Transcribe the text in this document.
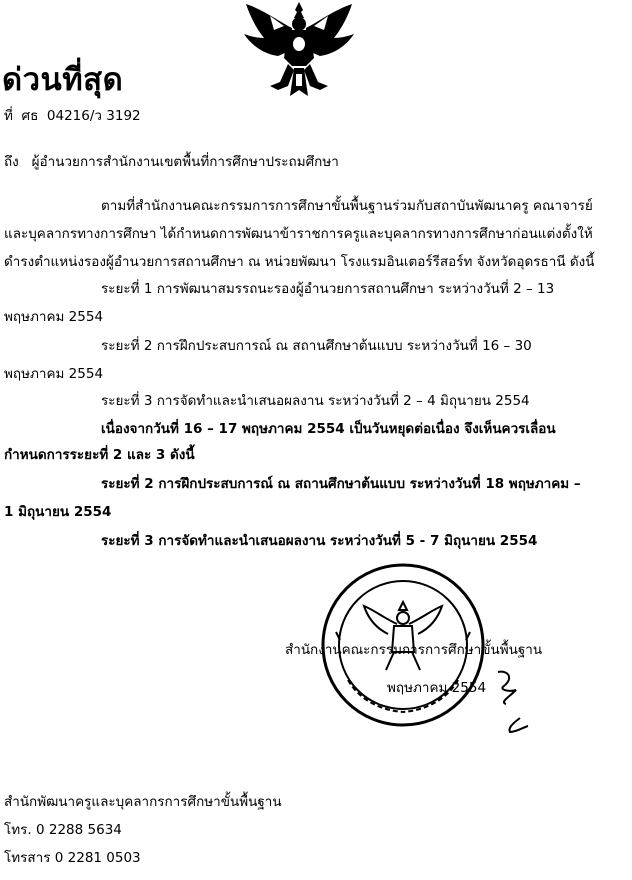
ด่วนที่สุด
ที่ ศธ 04216/ว 3192
ถึง ผู้อำนวยการสำนักงานเขตพื้นที่การศึกษาประถมศึกษา
ตามที่สำนักงานคณะกรรมการการศึกษาขั้นพื้นฐานร่วมกับสถาบันพัฒนาครู คณาจารย์
และบุคลากรทางการศึกษา ได้กำหนดการพัฒนาข้าราชการครูและบุคลากรทางการศึกษาก่อนแต่งตั้งให้
ดำรงตำแหน่งรองผู้อำนวยการสถานศึกษา ณ หน่วยพัฒนา โรงแรมอินเตอร์รีสอร์ท จังหวัดอุดรธานี ดังนี้
ระยะที่ 1 การพัฒนาสมรรถนะรองผู้อำนวยการสถานศึกษา ระหว่างวันที่ 2 – 13
พฤษภาคม 2554
ระยะที่ 2 การฝึกประสบการณ์ ณ สถานศึกษาต้นแบบ ระหว่างวันที่ 16 – 30
พฤษภาคม 2554
ระยะที่ 3 การจัดทำและนำเสนอผลงาน ระหว่างวันที่ 2 – 4 มิถุนายน 2554
เนื่องจากวันที่ 16 – 17 พฤษภาคม 2554 เป็นวันหยุดต่อเนื่อง จึงเห็นควรเลื่อน
กำหนดการระยะที่ 2 และ 3 ดังนี้
ระยะที่ 2 การฝึกประสบการณ์ ณ สถานศึกษาต้นแบบ ระหว่างวันที่ 18 พฤษภาคม –
1 มิถุนายน 2554
ระยะที่ 3 การจัดทำและนำเสนอผลงาน ระหว่างวันที่ 5 - 7 มิถุนายน 2554
สำนักงานคณะกรรมการการศึกษาขั้นพื้นฐาน
พฤษภาคม 2554
สำนักพัฒนาครูและบุคลากรการศึกษาขั้นพื้นฐาน
โทร. 0 2288 5634
โทรสาร 0 2281 0503
